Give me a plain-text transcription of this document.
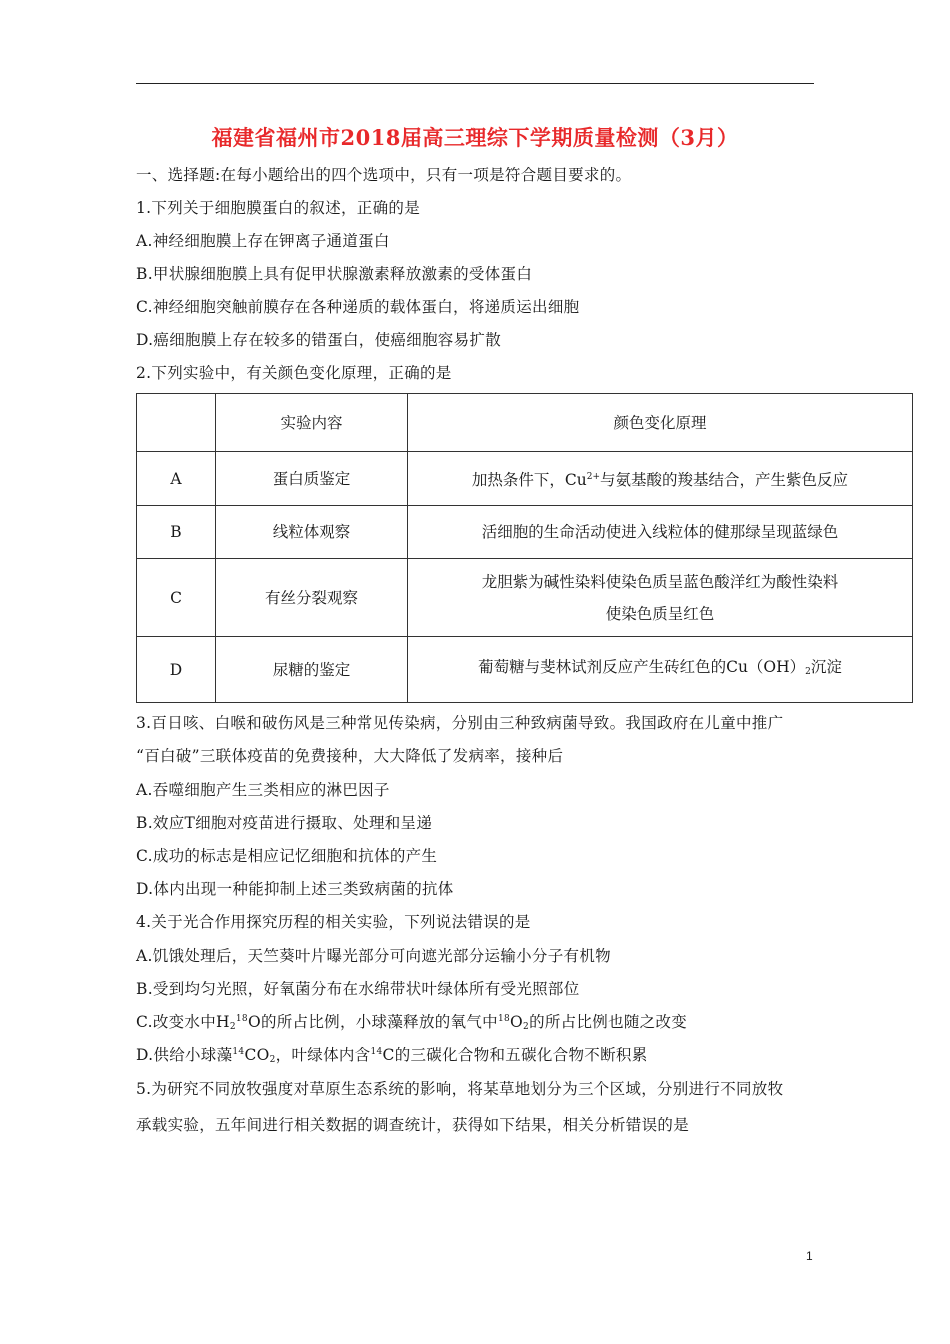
福建省福州市2018届高三理综下学期质量检测（3月）
一、选择题:在每小题给出的四个选项中，只有一项是符合题目要求的。
1.下列关于细胞膜蛋白的叙述，正确的是
A.神经细胞膜上存在钾离子通道蛋白
B.甲状腺细胞膜上具有促甲状腺激素释放激素的受体蛋白
C.神经细胞突触前膜存在各种递质的载体蛋白，将递质运出细胞
D.癌细胞膜上存在较多的错蛋白，使癌细胞容易扩散
2.下列实验中，有关颜色变化原理，正确的是
	实验内容	颜色变化原理
A	蛋白质鉴定	加热条件下，$Cu^{2+}$与氨基酸的羧基结合，产生紫色反应
B	线粒体观察	活细胞的生命活动使进入线粒体的健那绿呈现蓝绿色
C	有丝分裂观察	龙胆紫为碱性染料使染色质呈蓝色酸洋红为酸性染料
使染色质呈红色

D	尿糖的鉴定	葡萄糖与斐林试剂反应产生砖红色的$Cu(OH)_2$沉淀
3.百日咳、白喉和破伤风是三种常见传染病，分别由三种致病菌导致。我国政府在儿童中推广
“百白破”三联体疫苗的免费接种，大大降低了发病率，接种后
A.吞噬细胞产生三类相应的淋巴因子
B.效应T细胞对疫苗进行摄取、处理和呈递
C.成功的标志是相应记忆细胞和抗体的产生
D.体内出现一种能抑制上述三类致病菌的抗体
4.关于光合作用探究历程的相关实验，下列说法错误的是
A.饥饿处理后，天竺葵叶片曝光部分可向遮光部分运输小分子有机物
B.受到均匀光照，好氧菌分布在水绵带状叶绿体所有受光照部位
C.改变水中$H_2^{18}O$的所占比例，小球藻释放的氧气中$^{18}O_2$的所占比例也随之改变
D.供给小球藻$^{14}CO_2$，叶绿体内含$^{14}$C的三碳化合物和五碳化合物不断积累
5.为研究不同放牧强度对草原生态系统的影响，将某草地划分为三个区域，分别进行不同放牧
承载实验，五年间进行相关数据的调查统计，获得如下结果，相关分析错误的是
1
